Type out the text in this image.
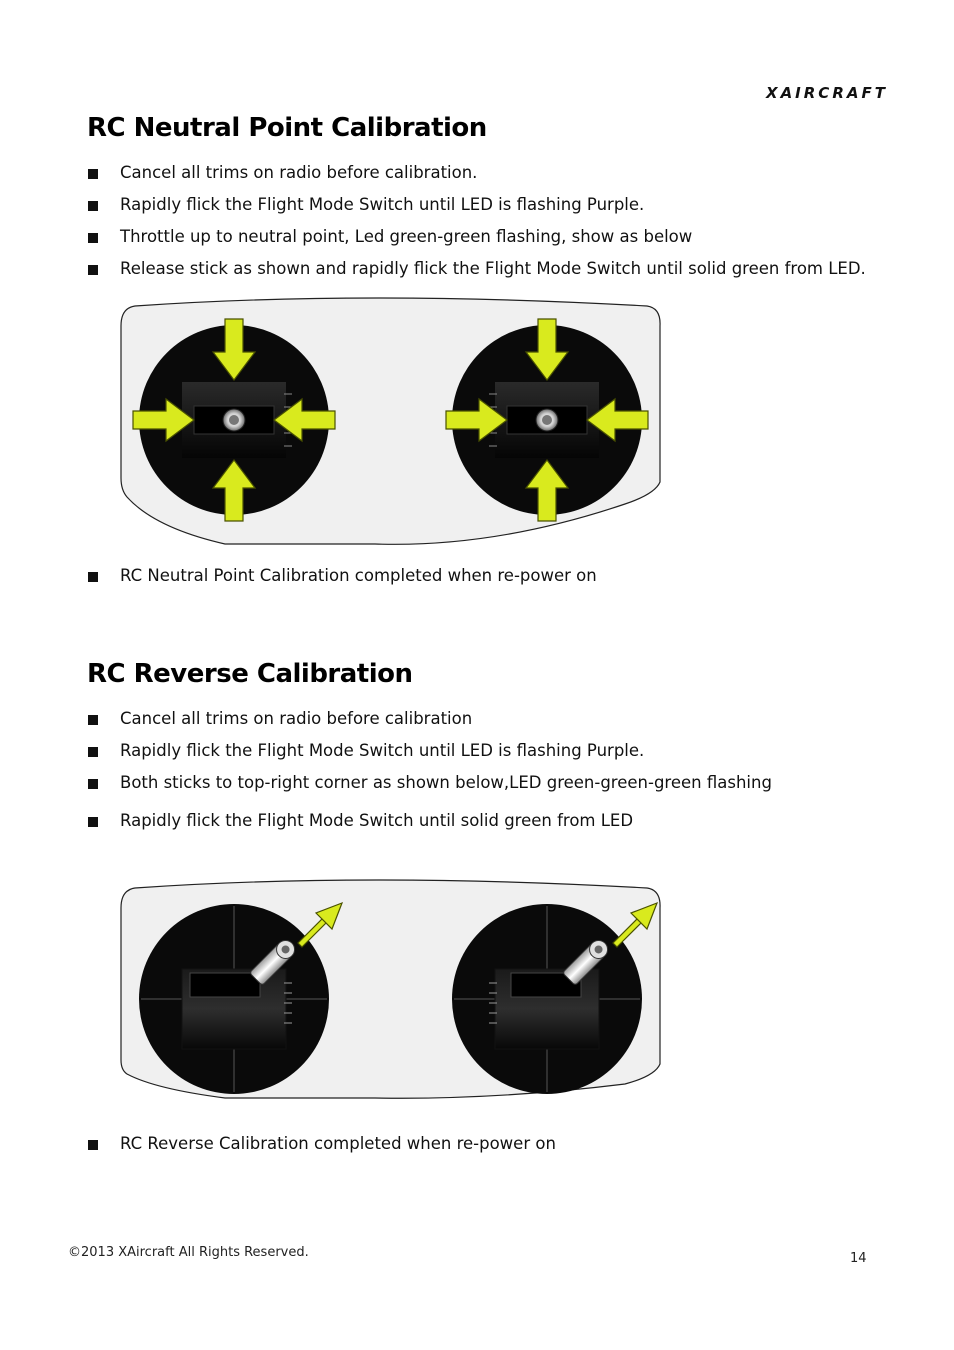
XAIRCRAFT
RC Neutral Point Calibration
Cancel all trims on radio before calibration.
Rapidly flick the Flight Mode Switch until LED is flashing Purple.
Throttle up to neutral point, Led green-green flashing, show as below
Release stick as shown and rapidly flick the Flight Mode Switch until solid green from LED.
RC Neutral Point Calibration completed when re-power on
RC Reverse Calibration
Cancel all trims on radio before calibration
Rapidly flick the Flight Mode Switch until LED is flashing Purple.
Both sticks to top-right corner as shown below,LED green-green-green flashing
Rapidly flick the Flight Mode Switch until solid green from LED
RC Reverse Calibration completed when re-power on
©2013 XAircraft All Rights Reserved.	14
